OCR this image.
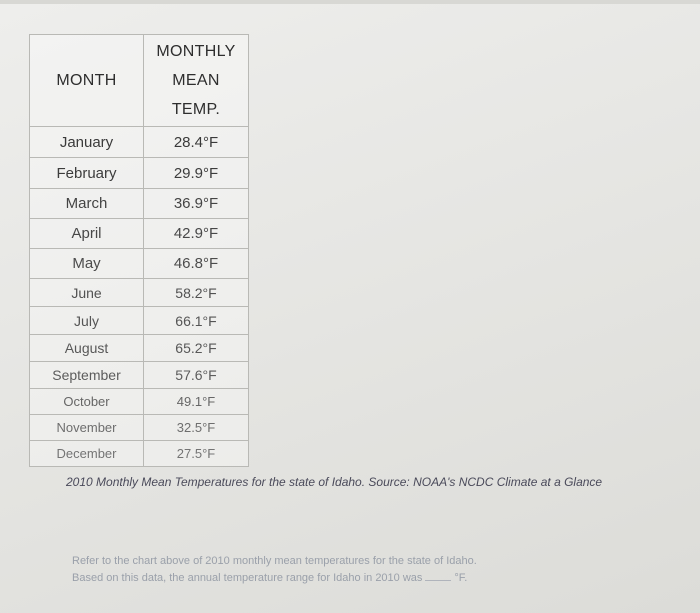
MONTH	MONTHLY
MEAN
TEMP.

January	28.4°F
February	29.9°F
March	36.9°F
April	42.9°F
May	46.8°F
June	58.2°F
July	66.1°F
August	65.2°F
September	57.6°F
October	49.1°F
November	32.5°F
December	27.5°F
2010 Monthly Mean Temperatures for the state of Idaho. Source: NOAA's NCDC Climate at a Glance
Refer to the chart above of 2010 monthly mean temperatures for the state of Idaho.
Based on this data, the annual temperature range for Idaho in 2010 was	°F.
